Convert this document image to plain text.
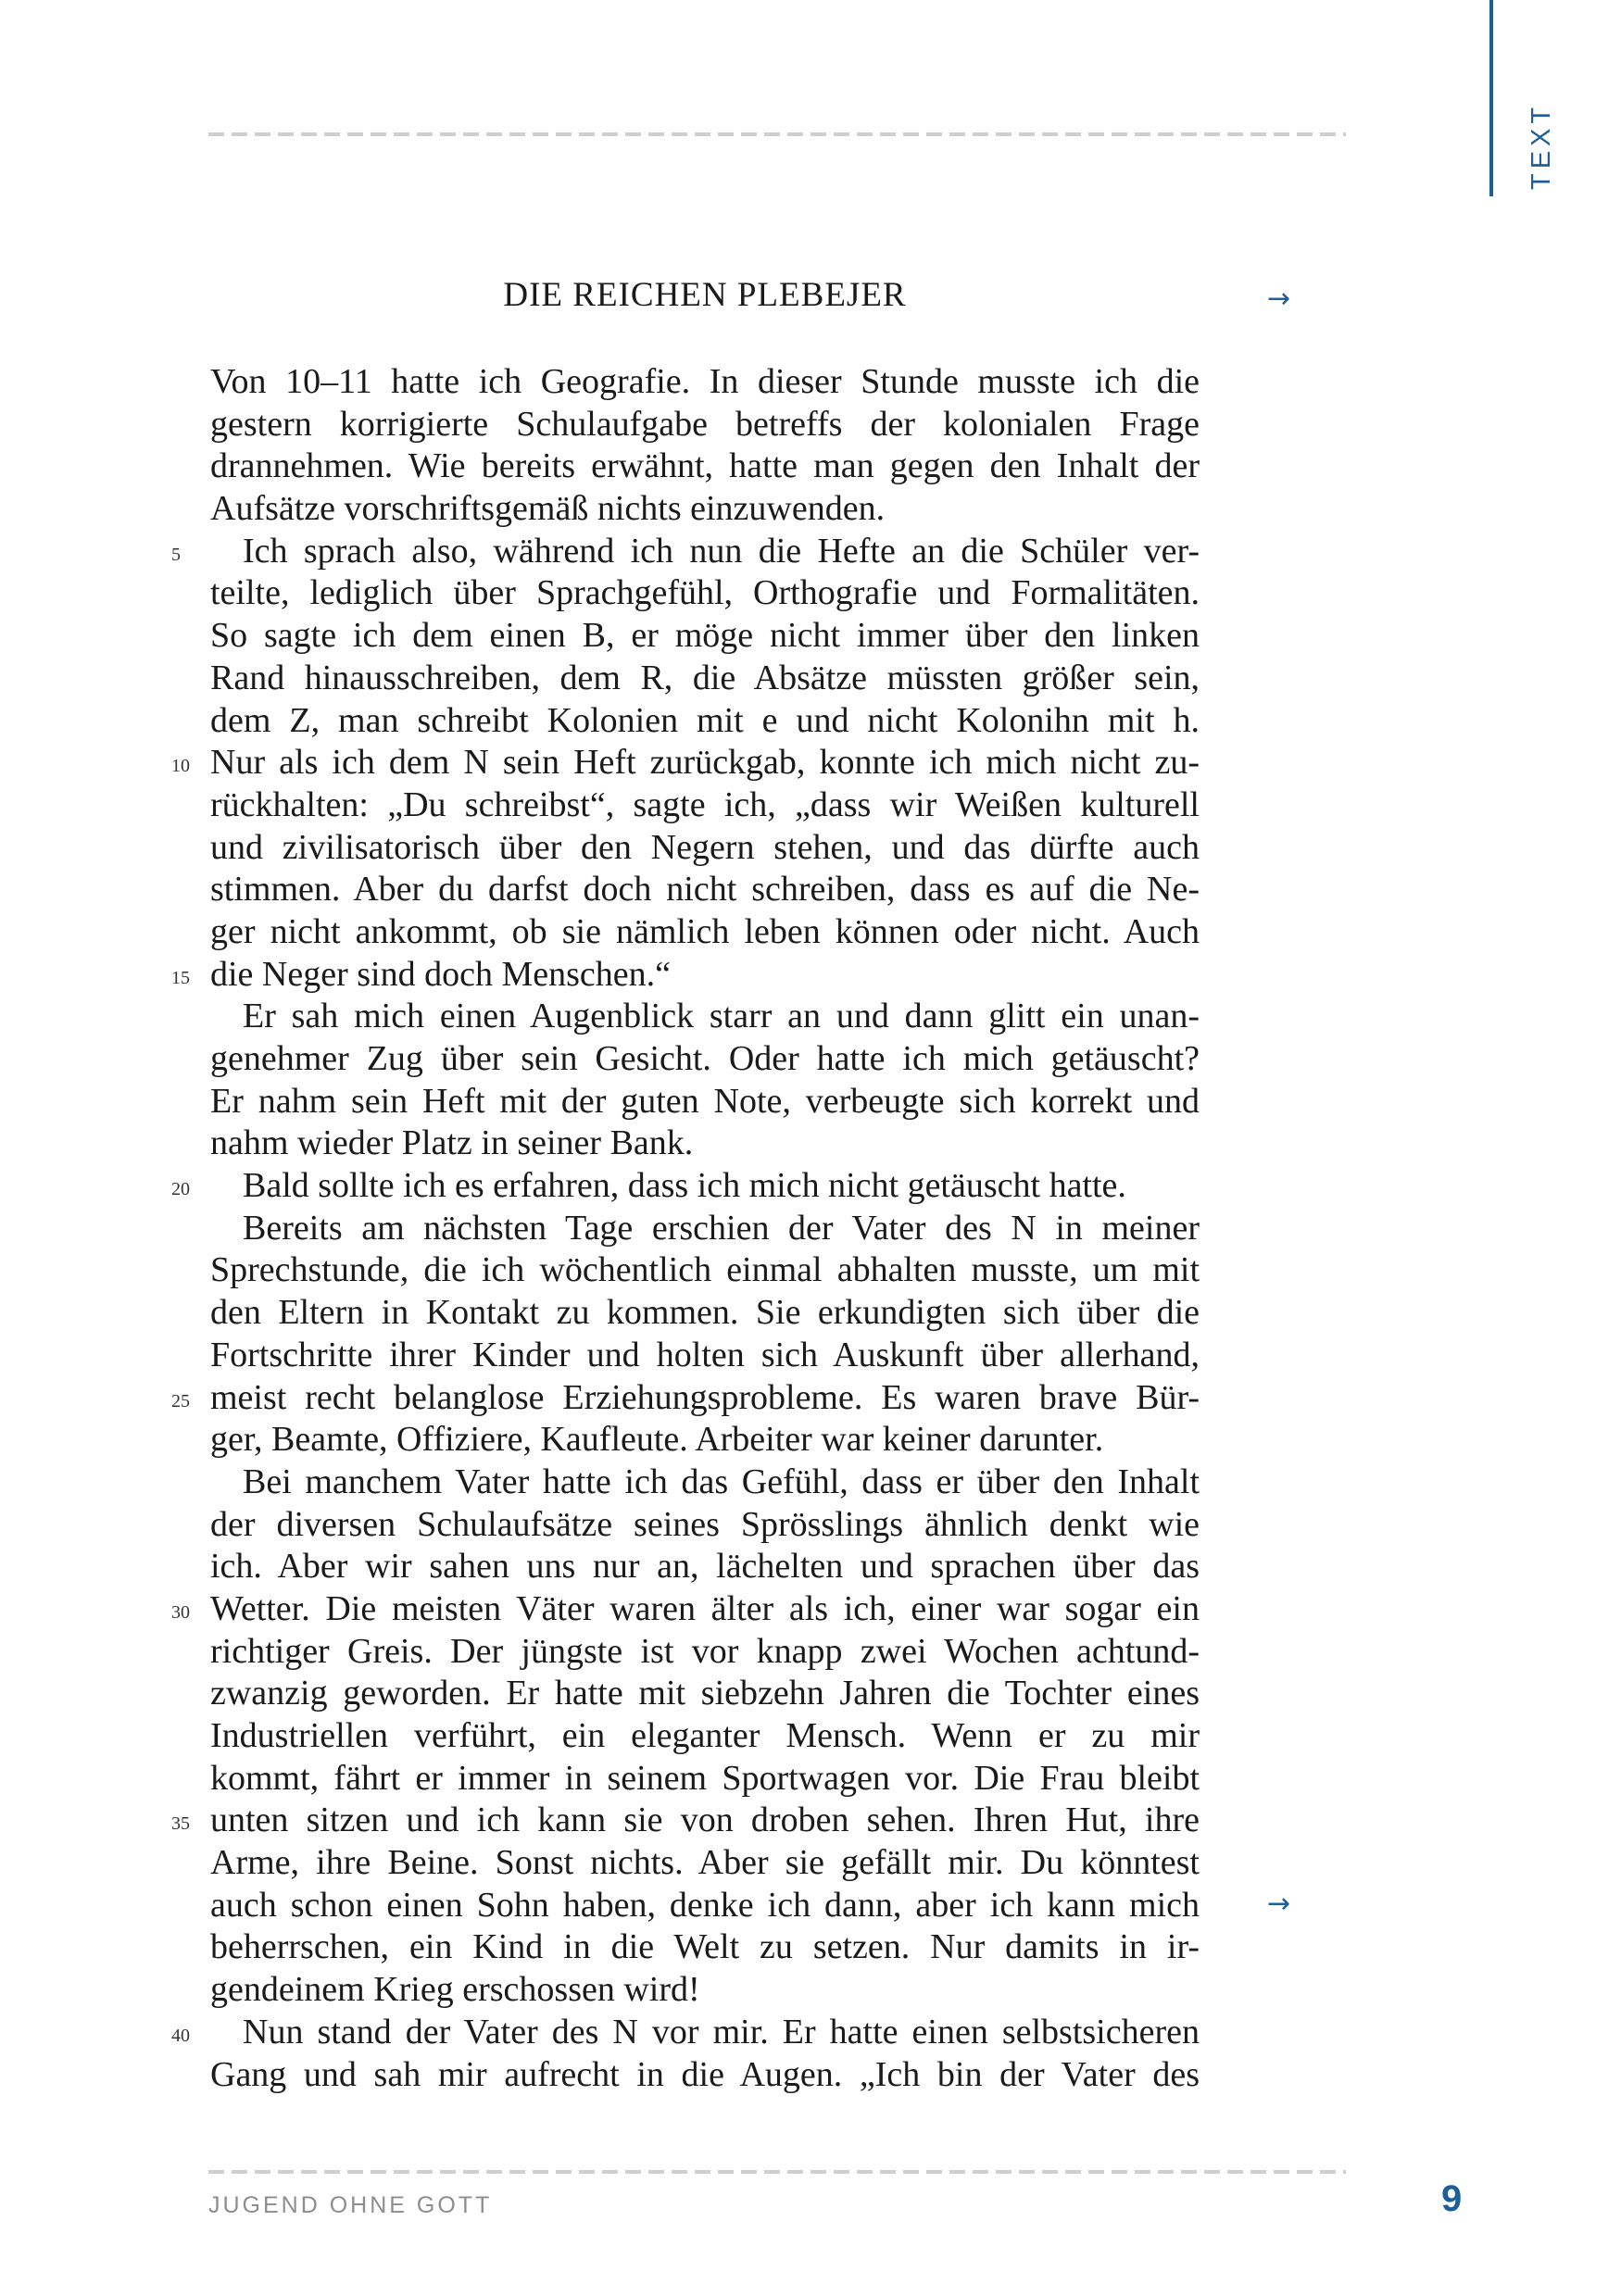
TEXT
DIE REICHEN PLEBEJER	→
→
Von 10–11 hatte ich Geografie. In dieser Stunde musste ich die
gestern korrigierte Schulaufgabe betreffs der kolonialen Frage
drannehmen. Wie bereits erwähnt, hatte man gegen den Inhalt der
Aufsätze vorschriftsgemäß nichts einzuwenden.
5	Ich sprach also, während ich nun die Hefte an die Schüler ver-
teilte, lediglich über Sprachgefühl, Orthografie und Formalitäten.
So sagte ich dem einen B, er möge nicht immer über den linken
Rand hinausschreiben, dem R, die Absätze müssten größer sein,
dem Z, man schreibt Kolonien mit e und nicht Kolonihn mit h.
10 Nur als ich dem N sein Heft zurückgab, konnte ich mich nicht zu-
rückhalten: „Du schreibst“, sagte ich, „dass wir Weißen kulturell
und zivilisatorisch über den Negern stehen, und das dürfte auch
stimmen. Aber du darfst doch nicht schreiben, dass es auf die Ne-
ger nicht ankommt, ob sie nämlich leben können oder nicht. Auch
15 die Neger sind doch Menschen.“
Er sah mich einen Augenblick starr an und dann glitt ein unan-
genehmer Zug über sein Gesicht. Oder hatte ich mich getäuscht?
Er nahm sein Heft mit der guten Note, verbeugte sich korrekt und
nahm wieder Platz in seiner Bank.
20	Bald sollte ich es erfahren, dass ich mich nicht getäuscht hatte.
Bereits am nächsten Tage erschien der Vater des N in meiner
Sprechstunde, die ich wöchentlich einmal abhalten musste, um mit
den Eltern in Kontakt zu kommen. Sie erkundigten sich über die
Fortschritte ihrer Kinder und holten sich Auskunft über allerhand,
25 meist recht belanglose Erziehungsprobleme. Es waren brave Bür-
ger, Beamte, Offiziere, Kaufleute. Arbeiter war keiner darunter.
Bei manchem Vater hatte ich das Gefühl, dass er über den Inhalt
der diversen Schulaufsätze seines Sprösslings ähnlich denkt wie
ich. Aber wir sahen uns nur an, lächelten und sprachen über das
30 Wetter. Die meisten Väter waren älter als ich, einer war sogar ein
richtiger Greis. Der jüngste ist vor knapp zwei Wochen achtund-
zwanzig geworden. Er hatte mit siebzehn Jahren die Tochter eines
Industriellen verführt, ein eleganter Mensch. Wenn er zu mir
kommt, fährt er immer in seinem Sportwagen vor. Die Frau bleibt
35 unten sitzen und ich kann sie von droben sehen. Ihren Hut, ihre
Arme, ihre Beine. Sonst nichts. Aber sie gefällt mir. Du könntest
auch schon einen Sohn haben, denke ich dann, aber ich kann mich
beherrschen, ein Kind in die Welt zu setzen. Nur damits in ir-
gendeinem Krieg erschossen wird!
40	Nun stand der Vater des N vor mir. Er hatte einen selbstsicheren
Gang und sah mir aufrecht in die Augen. „Ich bin der Vater des
JUGEND OHNE GOTT	9
